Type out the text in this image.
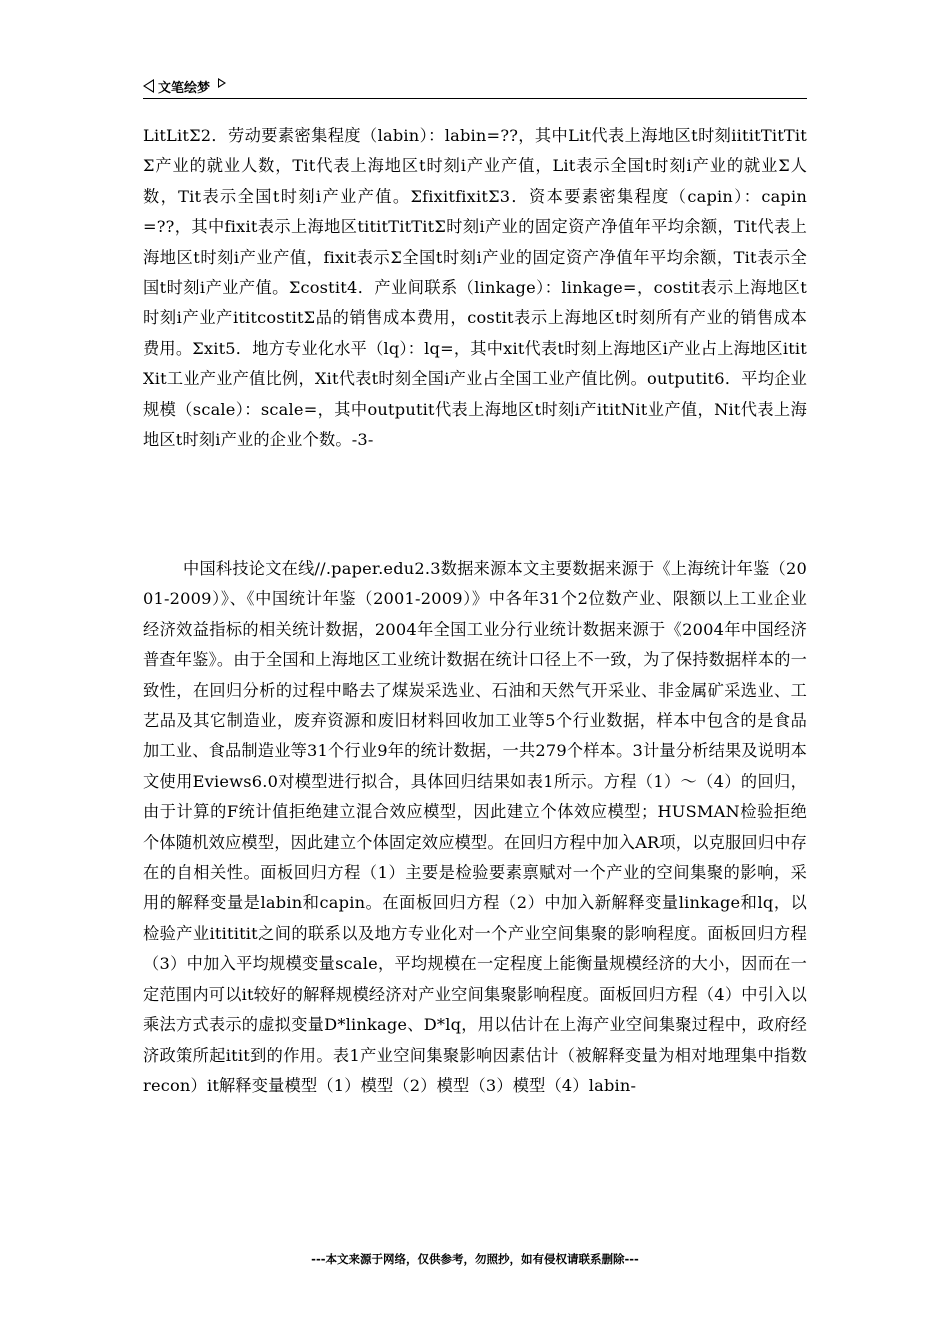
文笔绘梦

LitLitΣ2．劳动要素密集程度（labin）：labin=??，其中Lit代表上海地区t时刻iititTitTitΣ产业的就业人数，Tit代表上海地区t时刻i产业产值，Lit表示全国t时刻i产业的就业Σ人数，Tit表示全国t时刻i产业产值。ΣfixitfixitΣ3．资本要素密集程度（capin）：capin=??，其中fixit表示上海地区tititTitTitΣ时刻i产业的固定资产净值年平均余额，Tit代表上海地区t时刻i产业产值，fixit表示Σ全国t时刻i产业的固定资产净值年平均余额，Tit表示全国t时刻i产业产值。Σcostit4．产业间联系（linkage）：linkage=，costit表示上海地区t时刻i产业产ititcostitΣ品的销售成本费用，costit表示上海地区t时刻所有产业的销售成本费用。Σxit5．地方专业化水平（lq）：lq=，其中xit代表t时刻上海地区i产业占上海地区ititXit工业产业产值比例，Xit代表t时刻全国i产业占全国工业产值比例。outputit6．平均企业规模（scale）：scale=，其中outputit代表上海地区t时刻i产ititNit业产值，Nit代表上海地区t时刻i产业的企业个数。-3-

中国科技论文在线//.paper.edu2.3数据来源本文主要数据来源于《上海统计年鉴（2001-2009）》、《中国统计年鉴（2001-2009）》中各年31个2位数产业、限额以上工业企业经济效益指标的相关统计数据，2004年全国工业分行业统计数据来源于《2004年中国经济普查年鉴》。由于全国和上海地区工业统计数据在统计口径上不一致，为了保持数据样本的一致性，在回归分析的过程中略去了煤炭采选业、石油和天然气开采业、非金属矿采选业、工艺品及其它制造业，废弃资源和废旧材料回收加工业等5个行业数据，样本中包含的是食品加工业、食品制造业等31个行业9年的统计数据，一共279个样本。3计量分析结果及说明本文使用Eviews6.0对模型进行拟合，具体回归结果如表1所示。方程（1）～（4）的回归，由于计算的F统计值拒绝建立混合效应模型，因此建立个体效应模型；HUSMAN检验拒绝个体随机效应模型，因此建立个体固定效应模型。在回归方程中加入AR项，以克服回归中存在的自相关性。面板回归方程（1）主要是检验要素禀赋对一个产业的空间集聚的影响，采用的解释变量是labin和capin。在面板回归方程（2）中加入新解释变量linkage和lq，以检验产业itititit之间的联系以及地方专业化对一个产业空间集聚的影响程度。面板回归方程（3）中加入平均规模变量scale，平均规模在一定程度上能衡量规模经济的大小，因而在一定范围内可以it较好的解释规模经济对产业空间集聚影响程度。面板回归方程（4）中引入以乘法方式表示的虚拟变量D*linkage、D*lq，用以估计在上海产业空间集聚过程中，政府经济政策所起itit到的作用。表1产业空间集聚影响因素估计（被解释变量为相对地理集中指数recon）it解释变量模型（1）模型（2）模型（3）模型（4）labin-

---本文来源于网络，仅供参考，勿照抄，如有侵权请联系删除---
